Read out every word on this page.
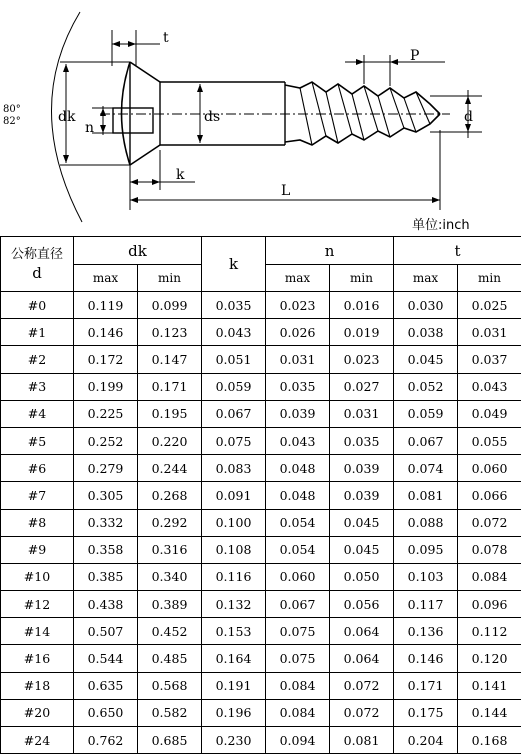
t
dk
n
ds
k
L
P
d
80°
82°
单位:inch
公称直径
d	dk		k	n		t	
	max	min		max	min	max	min
#0	0.119	0.099	0.035	0.023	0.016	0.030	0.025
#1	0.146	0.123	0.043	0.026	0.019	0.038	0.031
#2	0.172	0.147	0.051	0.031	0.023	0.045	0.037
#3	0.199	0.171	0.059	0.035	0.027	0.052	0.043
#4	0.225	0.195	0.067	0.039	0.031	0.059	0.049
#5	0.252	0.220	0.075	0.043	0.035	0.067	0.055
#6	0.279	0.244	0.083	0.048	0.039	0.074	0.060
#7	0.305	0.268	0.091	0.048	0.039	0.081	0.066
#8	0.332	0.292	0.100	0.054	0.045	0.088	0.072
#9	0.358	0.316	0.108	0.054	0.045	0.095	0.078
#10	0.385	0.340	0.116	0.060	0.050	0.103	0.084
#12	0.438	0.389	0.132	0.067	0.056	0.117	0.096
#14	0.507	0.452	0.153	0.075	0.064	0.136	0.112
#16	0.544	0.485	0.164	0.075	0.064	0.146	0.120
#18	0.635	0.568	0.191	0.084	0.072	0.171	0.141
#20	0.650	0.582	0.196	0.084	0.072	0.175	0.144
#24	0.762	0.685	0.230	0.094	0.081	0.204	0.168
